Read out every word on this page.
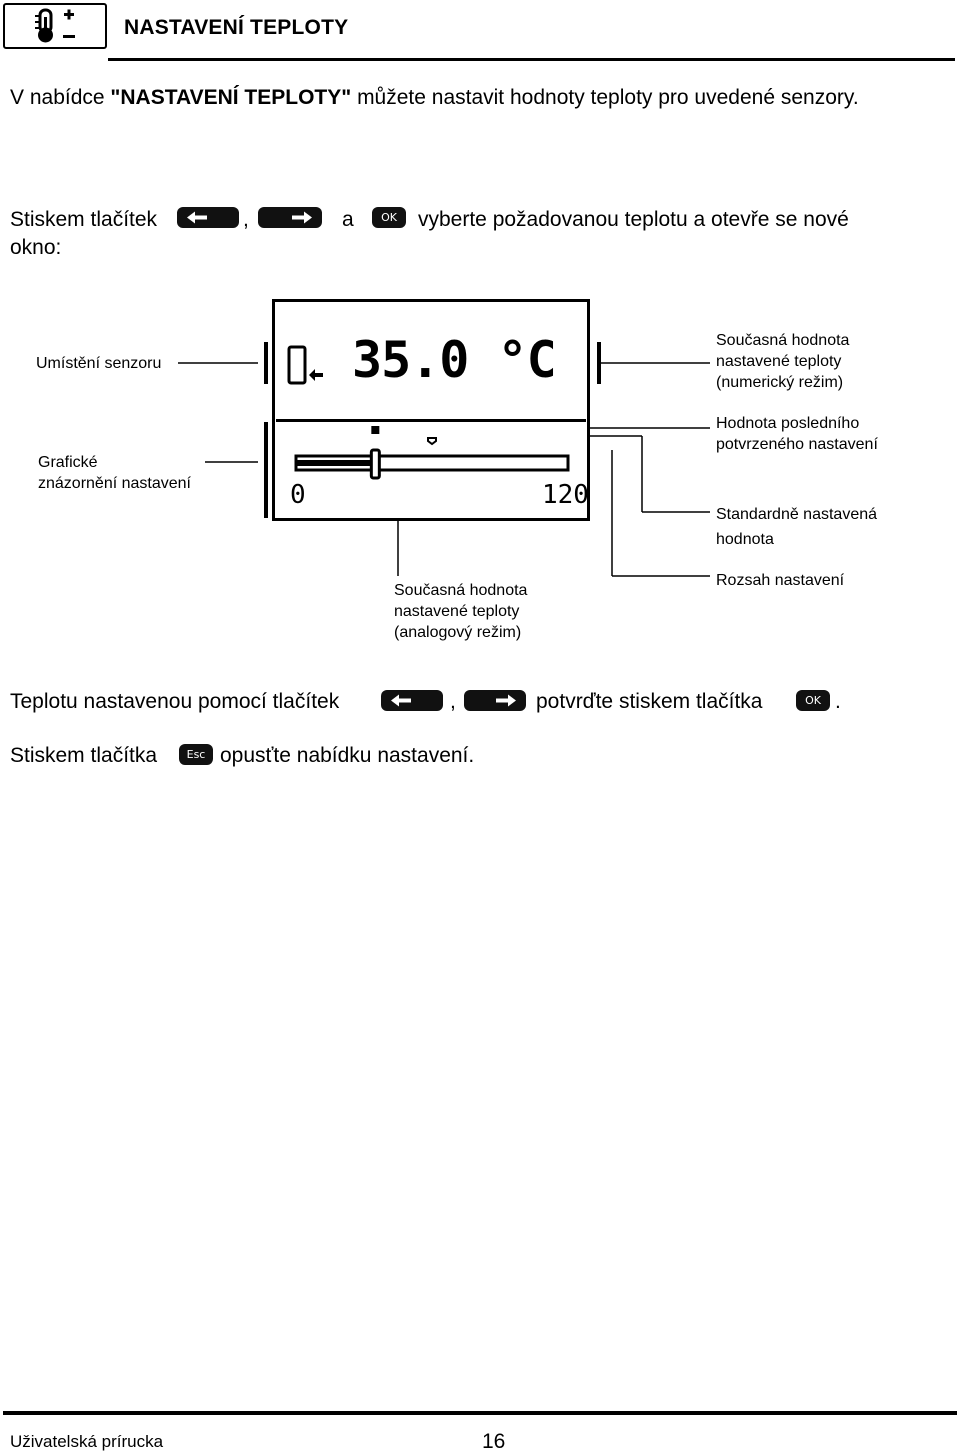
NASTAVENÍ TEPLOTY
V nabídce "NASTAVENÍ TEPLOTY" můžete nastavit hodnoty teploty pro uvedené senzory.
Stiskem tlačítek	,	a OK vyberte požadovanou teplotu a otevře se nové
okno:
35.0 °C
0	120
Umístění senzoru
Grafické
znázornění nastavení
Současná hodnota
nastavené teploty
(numerický režim)
Hodnota posledního
potvrzeného nastavení
Standardně nastavená
hodnota
Rozsah nastavení
Současná hodnota
nastavené teploty
(analogový režim)
Teplotu nastavenou pomocí tlačítek	,	potvrďte stiskem tlačítka	OK .
Stiskem tlačítka	Esc opusťte nabídku nastavení.
Uživatelská prírucka	16
